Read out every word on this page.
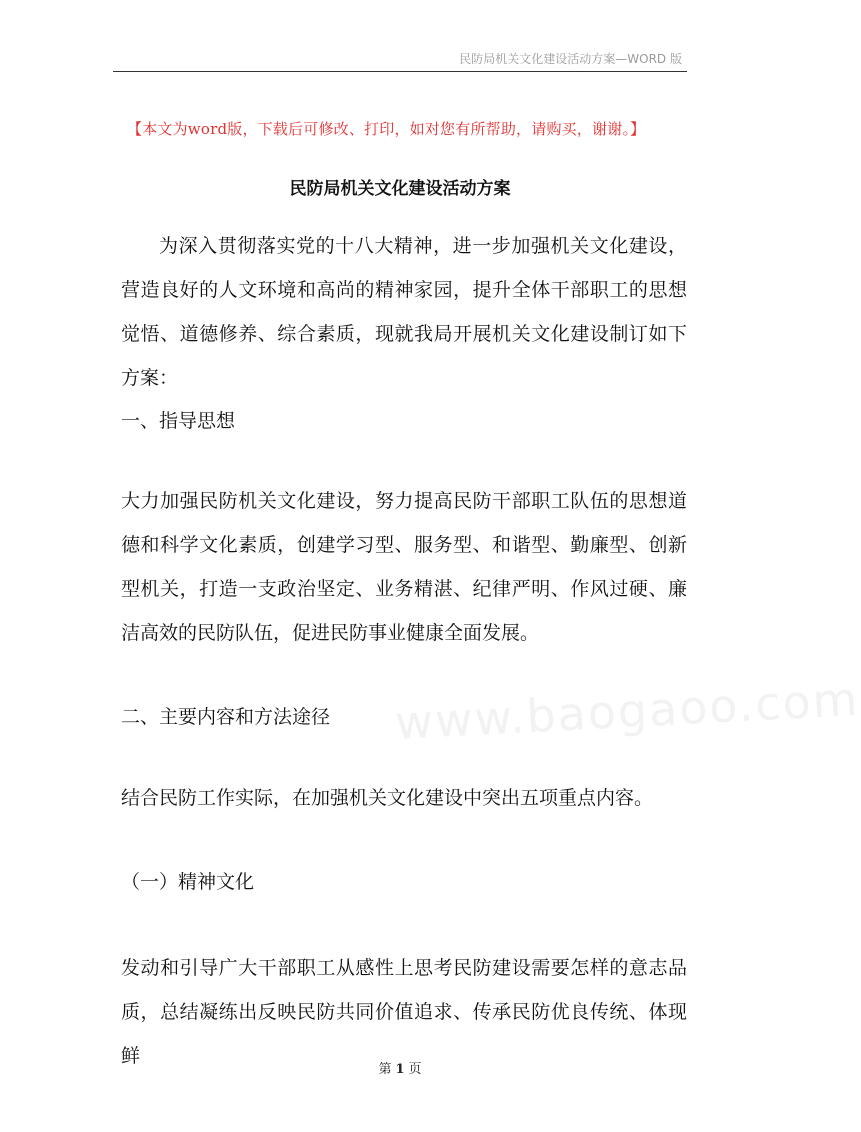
民防局机关文化建设活动方案—WORD 版
【本文为word版，下载后可修改、打印，如对您有所帮助，请购买，谢谢。】
民防局机关文化建设活动方案
为深入贯彻落实党的十八大精神，进一步加强机关文化建设，营造良好的人文环境和高尚的精神家园，提升全体干部职工的思想觉悟、道德修养、综合素质，现就我局开展机关文化建设制订如下方案：
一、指导思想
大力加强民防机关文化建设，努力提高民防干部职工队伍的思想道德和科学文化素质，创建学习型、服务型、和谐型、勤廉型、创新型机关，打造一支政治坚定、业务精湛、纪律严明、作风过硬、廉洁高效的民防队伍，促进民防事业健康全面发展。
二、主要内容和方法途径
结合民防工作实际，在加强机关文化建设中突出五项重点内容。
（一）精神文化
发动和引导广大干部职工从感性上思考民防建设需要怎样的意志品质，总结凝练出反映民防共同价值追求、传承民防优良传统、体现鲜
www.baogaoo.com
第 1 页
